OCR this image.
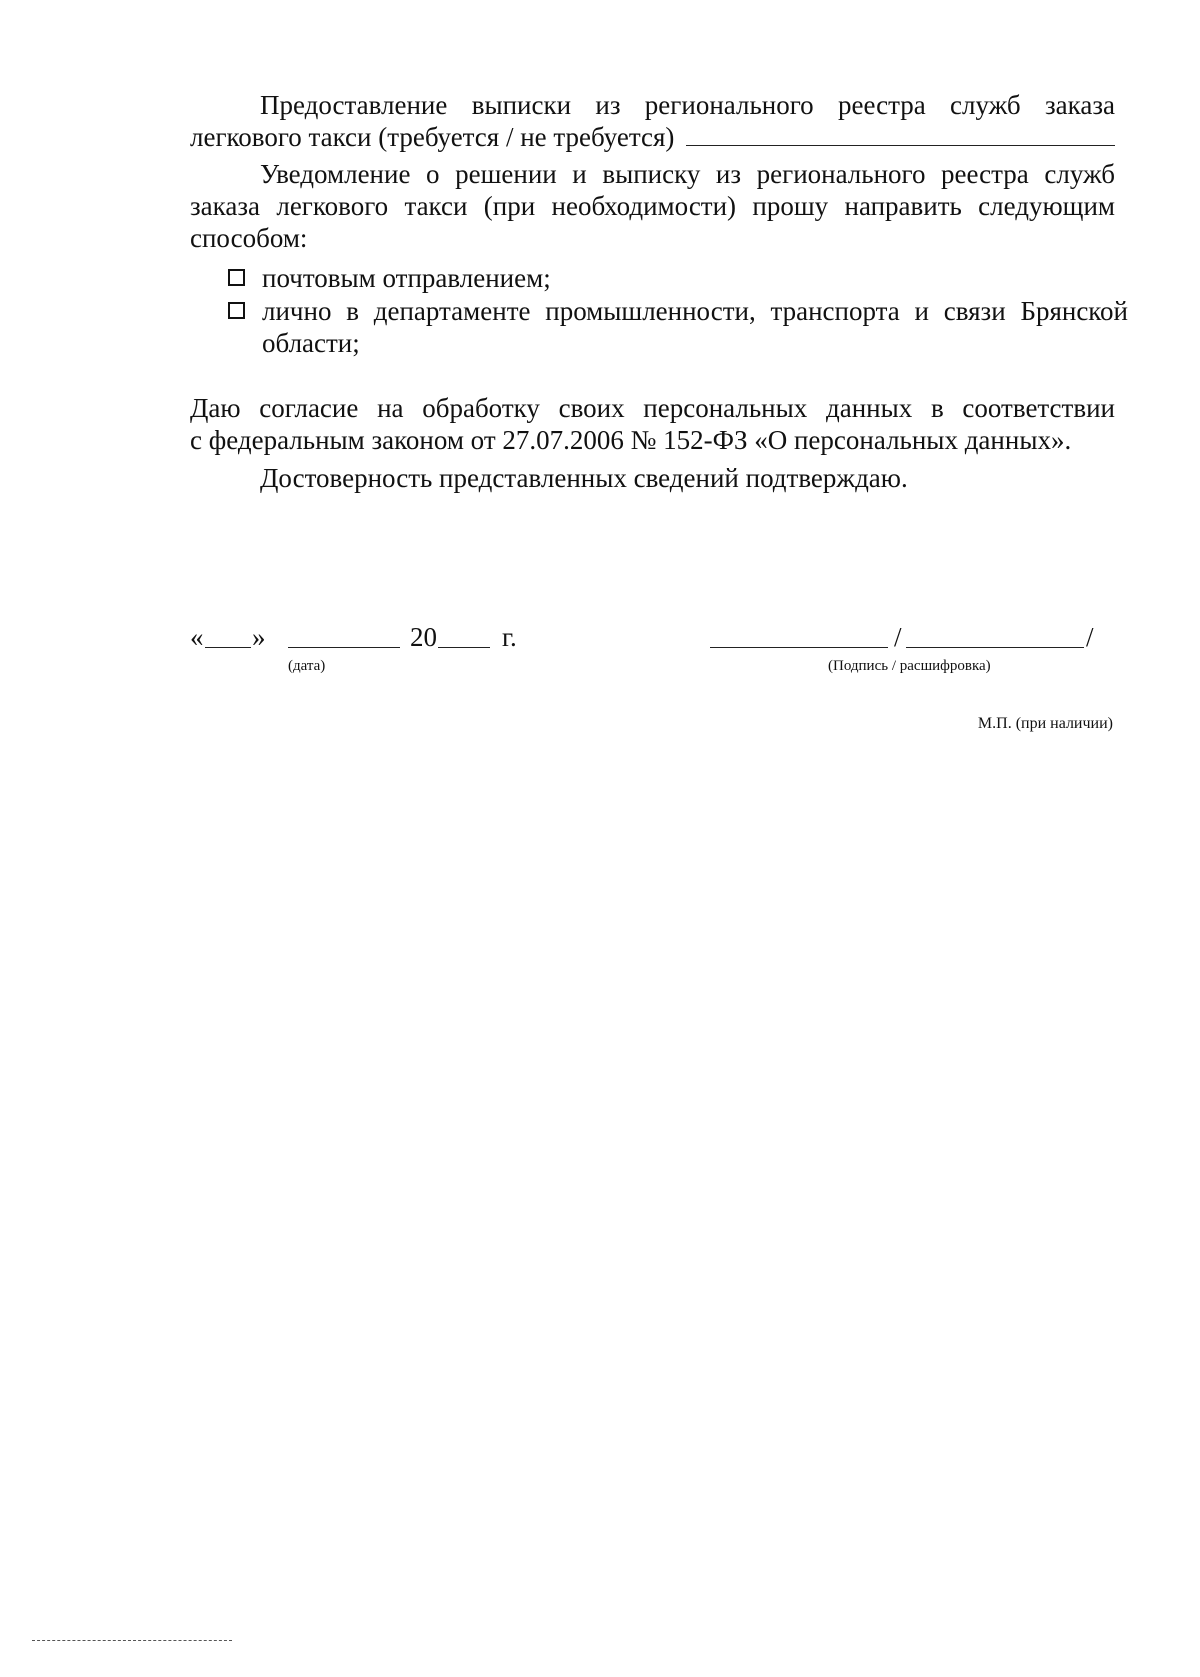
Предоставление выписки из регионального реестра служб заказа
легкового такси (требуется / не требуется)
Уведомление о решении и выписку из регионального реестра служб заказа легкового такси (при необходимости) прошу направить следующим способом:
почтовым отправлением;
лично в департаменте промышленности, транспорта и связи Брянской
области;
Даю согласие на обработку своих персональных данных в соответствии
с федеральным законом от 27.07.2006 № 152-ФЗ «О персональных данных».
Достоверность представленных сведений подтверждаю.
« »	20 г.
(дата)
/	/
(Подпись / расшифровка)
М.П. (при наличии)
